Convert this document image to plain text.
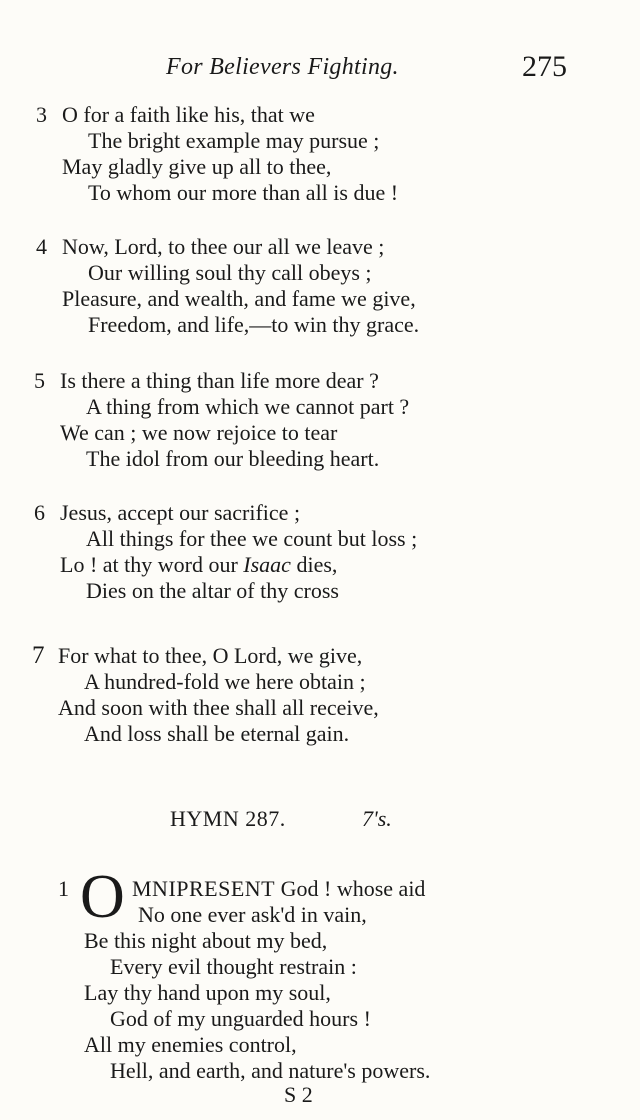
For Believers Fighting.	275
3 O for a faith like his, that we
The bright example may pursue ;
May gladly give up all to thee,
To whom our more than all is due !
4 Now, Lord, to thee our all we leave ;
Our willing soul thy call obeys ;
Pleasure, and wealth, and fame we give,
Freedom, and life,—to win thy grace.
5 Is there a thing than life more dear ?
A thing from which we cannot part ?
We can ; we now rejoice to tear
The idol from our bleeding heart.
6 Jesus, accept our sacrifice ;
All things for thee we count but loss ;
Lo ! at thy word our Isaac dies,
Dies on the altar of thy cross
7 For what to thee, O Lord, we give,
A hundred-fold we here obtain ;
And soon with thee shall all receive,
And loss shall be eternal gain.
HYMN 287.	7's.
1 O MNIPRESENT God ! whose aid
No one ever ask'd in vain,
Be this night about my bed,
Every evil thought restrain :
Lay thy hand upon my soul,
God of my unguarded hours !
All my enemies control,
Hell, and earth, and nature's powers.
S 2
